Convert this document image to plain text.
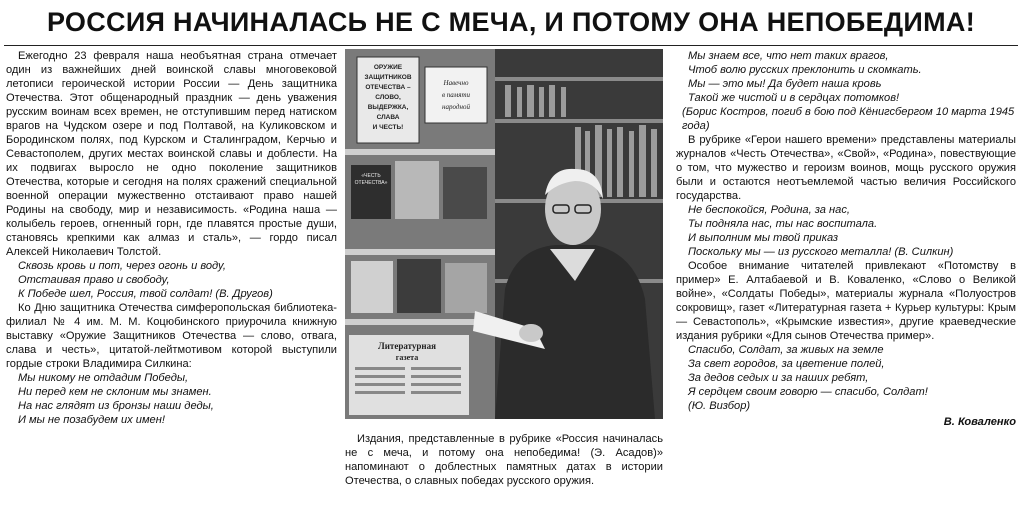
РОССИЯ НАЧИНАЛАСЬ НЕ С МЕЧА, И ПОТОМУ ОНА НЕПОБЕДИМА!

Ежегодно 23 февраля наша необъятная страна отмечает один из важнейших дней воинской славы многовековой летописи героической истории России — День защитника Отечества. Этот общенародный праздник — день уважения русским воинам всех времен, не отступившим перед натиском врагов на Чудском озере и под Полтавой, на Куликовском и Бородинском полях, под Курском и Сталинградом, Керчью и Севастополем, других местах воинской славы и доблести. На их подвигах выросло не одно поколение защитников Отечества, которые и сегодня на полях сражений специальной военной операции мужественно отстаивают право нашей Родины на свободу, мир и независимость. «Родина наша — колыбель героев, огненный горн, где плавятся простые души, становясь крепкими как алмаз и сталь», — гордо писал Алексей Николаевич Толстой.

Сквозь кровь и пот, через огонь и воду,

Отстаивая право и свободу,

К Победе шел, Россия, твой солдат! (В. Другов)

Ко Дню защитника Отечества симферопольская библиотека-филиал № 4 им. М. М. Коцюбинского приурочила книжную выставку «Оружие Защитников Отечества — слово, отвага, слава и честь», цитатой-лейтмотивом которой выступили гордые строки Владимира Силкина:

Мы никому не отдадим Победы,

Ни перед кем не склоним мы знамен.

На нас глядят из бронзы наши деды,

И мы не позабудем их имен!

ОРУЖИЕ
ЗАЩИТНИКОВ
ОТЕЧЕСТВА –
СЛОВО,
ВЫДЕРЖКА,
СЛАВА
И ЧЕСТЬ!
Навечно
в памяти
народной
«ЧЕСТЬ
ОТЕЧЕСТВА»
Литературная
газета

Издания, представленные в рубрике «Россия начиналась не с меча, и потому она непобедима! (Э. Асадов)» напоминают о доблестных памятных датах в истории Отечества, о славных победах русского оружия.

Мы знаем все, что нет таких врагов,

Чтоб волю русских преклонить и скомкать.

Мы — это мы! Да будет наша кровь

Такой же чистой и в сердцах потомков!

(Борис Костров, погиб в бою под Кёнигсбергом 10 марта 1945 года)

В рубрике «Герои нашего времени» представлены материалы журналов «Честь Отечества», «Свой», «Родина», повествующие о том, что мужество и героизм воинов, мощь русского оружия были и остаются неотъемлемой частью величия Российского государства.

Не беспокойся, Родина, за нас,

Ты подняла нас, ты нас воспитала.

И выполним мы твой приказ

Поскольку мы — из русского металла! (В. Силкин)

Особое внимание читателей привлекают «Потомству в пример» Е. Алтабаевой и В. Коваленко, «Слово о Великой войне», «Солдаты Победы», материалы журнала «Полуостров сокровищ», газет «Литературная газета + Курьер культуры: Крым — Севастополь», «Крымские известия», другие краеведческие издания рубрики «Для сынов Отечества пример».

Спасибо, Солдат, за живых на земле

За свет городов, за цветение полей,

За дедов седых и за наших ребят,

Я сердцем своим говорю — спасибо, Солдат!

(Ю. Визбор)

В. Коваленко
